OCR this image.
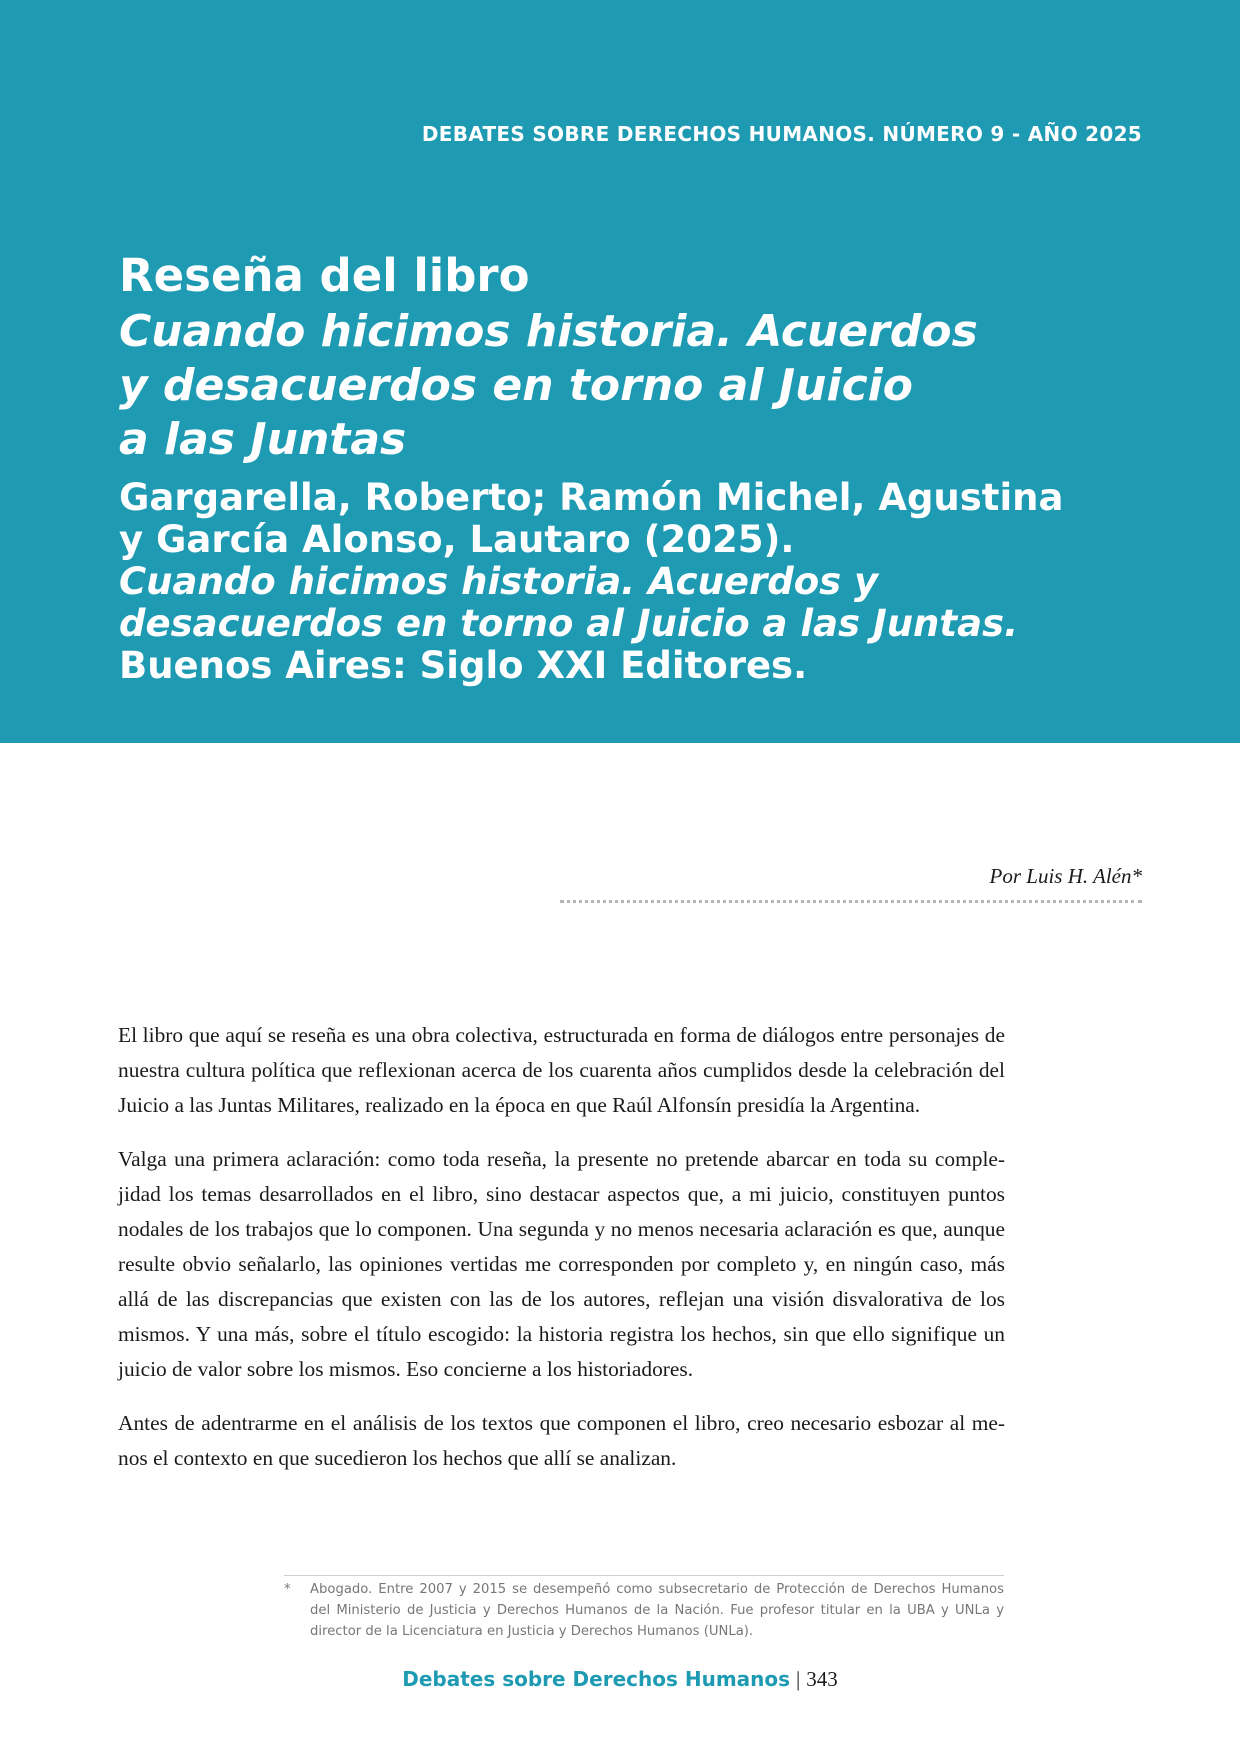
DEBATES SOBRE DERECHOS HUMANOS. NÚMERO 9 - AÑO 2025
Reseña del libro
Cuando hicimos historia. Acuerdos
y desacuerdos en torno al Juicio
a las Juntas
Gargarella, Roberto; Ramón Michel, Agustina
y García Alonso, Lautaro (2025).
Cuando hicimos historia. Acuerdos y
desacuerdos en torno al Juicio a las Juntas.
Buenos Aires: Siglo XXI Editores.
Por Luis H. Alén*

El libro que aquí se reseña es una obra colectiva, estructurada en forma de diálogos entre personajes de nuestra cultura política que reflexionan acerca de los cuarenta años cumplidos desde la celebración del Juicio a las Juntas Militares, realizado en la época en que Raúl Alfonsín presidía la Argentina.

Valga una primera aclaración: como toda reseña, la presente no pretende abarcar en toda su complejidad los temas desarrollados en el libro, sino destacar aspectos que, a mi juicio, constituyen puntos nodales de los trabajos que lo componen. Una segunda y no menos necesaria aclaración es que, aunque resulte obvio señalarlo, las opiniones vertidas me corresponden por completo y, en ningún caso, más allá de las discrepancias que existen con las de los autores, reflejan una visión disvalorativa de los mismos. Y una más, sobre el título escogido: la historia registra los hechos, sin que ello signifique un juicio de valor sobre los mismos. Eso concierne a los historiadores.

Antes de adentrarme en el análisis de los textos que componen el libro, creo necesario esbozar al menos el contexto en que sucedieron los hechos que allí se analizan.

* Abogado. Entre 2007 y 2015 se desempeñó como subsecretario de Protección de Derechos Humanos del Ministerio de Justicia y Derechos Humanos de la Nación. Fue profesor titular en la UBA y UNLa y director de la Licenciatura en Justicia y Derechos Humanos (UNLa).
Debates sobre Derechos Humanos | 343
